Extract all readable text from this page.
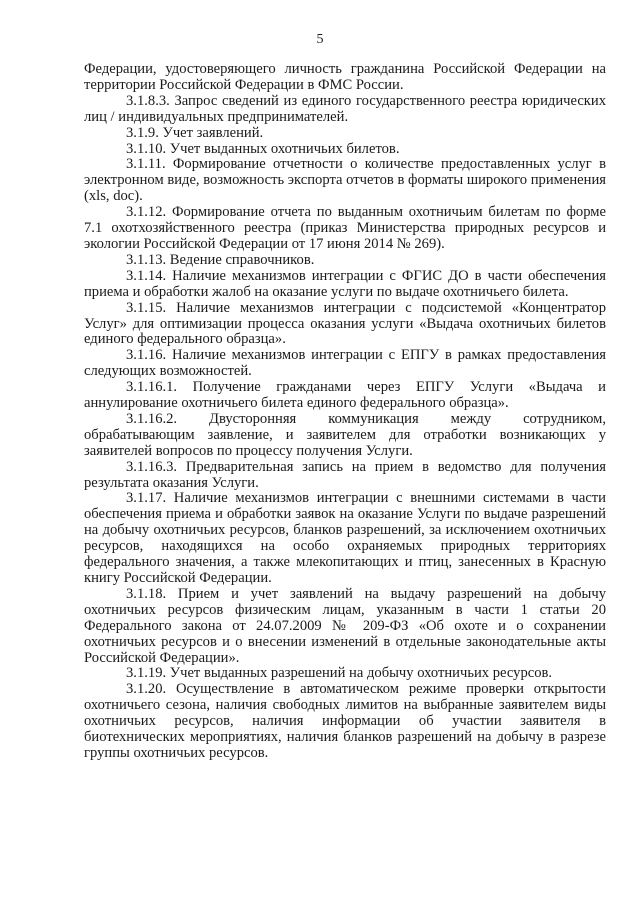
5

Федерации, удостоверяющего личность гражданина Российской Федерации на территории Российской Федерации в ФМС России.

3.1.8.3. Запрос сведений из единого государственного реестра юридических лиц / индивидуальных предпринимателей.

3.1.9. Учет заявлений.

3.1.10. Учет выданных охотничьих билетов.

3.1.11. Формирование отчетности о количестве предоставленных услуг в электронном виде, возможность экспорта отчетов в форматы широкого применения (xls, doc).

3.1.12. Формирование отчета по выданным охотничьим билетам по форме 7.1 охотхозяйственного реестра (приказ Министерства природных ресурсов и экологии Российской Федерации от 17 июня 2014 № 269).

3.1.13. Ведение справочников.

3.1.14. Наличие механизмов интеграции с ФГИС ДО в части обеспечения приема и обработки жалоб на оказание услуги по выдаче охотничьего билета.

3.1.15. Наличие механизмов интеграции с подсистемой «Концентратор Услуг» для оптимизации процесса оказания услуги «Выдача охотничьих билетов единого федерального образца».

3.1.16. Наличие механизмов интеграции с ЕПГУ в рамках предоставления следующих возможностей.

3.1.16.1. Получение гражданами через ЕПГУ Услуги «Выдача и аннулирование охотничьего билета единого федерального образца».

3.1.16.2. Двусторонняя коммуникация между сотрудником, обрабатывающим заявление, и заявителем для отработки возникающих у заявителей вопросов по процессу получения Услуги.

3.1.16.3. Предварительная запись на прием в ведомство для получения результата оказания Услуги.

3.1.17. Наличие механизмов интеграции с внешними системами в части обеспечения приема и обработки заявок на оказание Услуги по выдаче разрешений на добычу охотничьих ресурсов, бланков разрешений, за исключением охотничьих ресурсов, находящихся на особо охраняемых природных территориях федерального значения, а также млекопитающих и птиц, занесенных в Красную книгу Российской Федерации.

3.1.18. Прием и учет заявлений на выдачу разрешений на добычу охотничьих ресурсов физическим лицам, указанным в части 1 статьи 20 Федерального закона от 24.07.2009 № 209-ФЗ «Об охоте и о сохранении охотничьих ресурсов и о внесении изменений в отдельные законодательные акты Российской Федерации».

3.1.19. Учет выданных разрешений на добычу охотничьих ресурсов.

3.1.20. Осуществление в автоматическом режиме проверки открытости охотничьего сезона, наличия свободных лимитов на выбранные заявителем виды охотничьих ресурсов, наличия информации об участии заявителя в биотехнических мероприятиях, наличия бланков разрешений на добычу в разрезе группы охотничьих ресурсов.
